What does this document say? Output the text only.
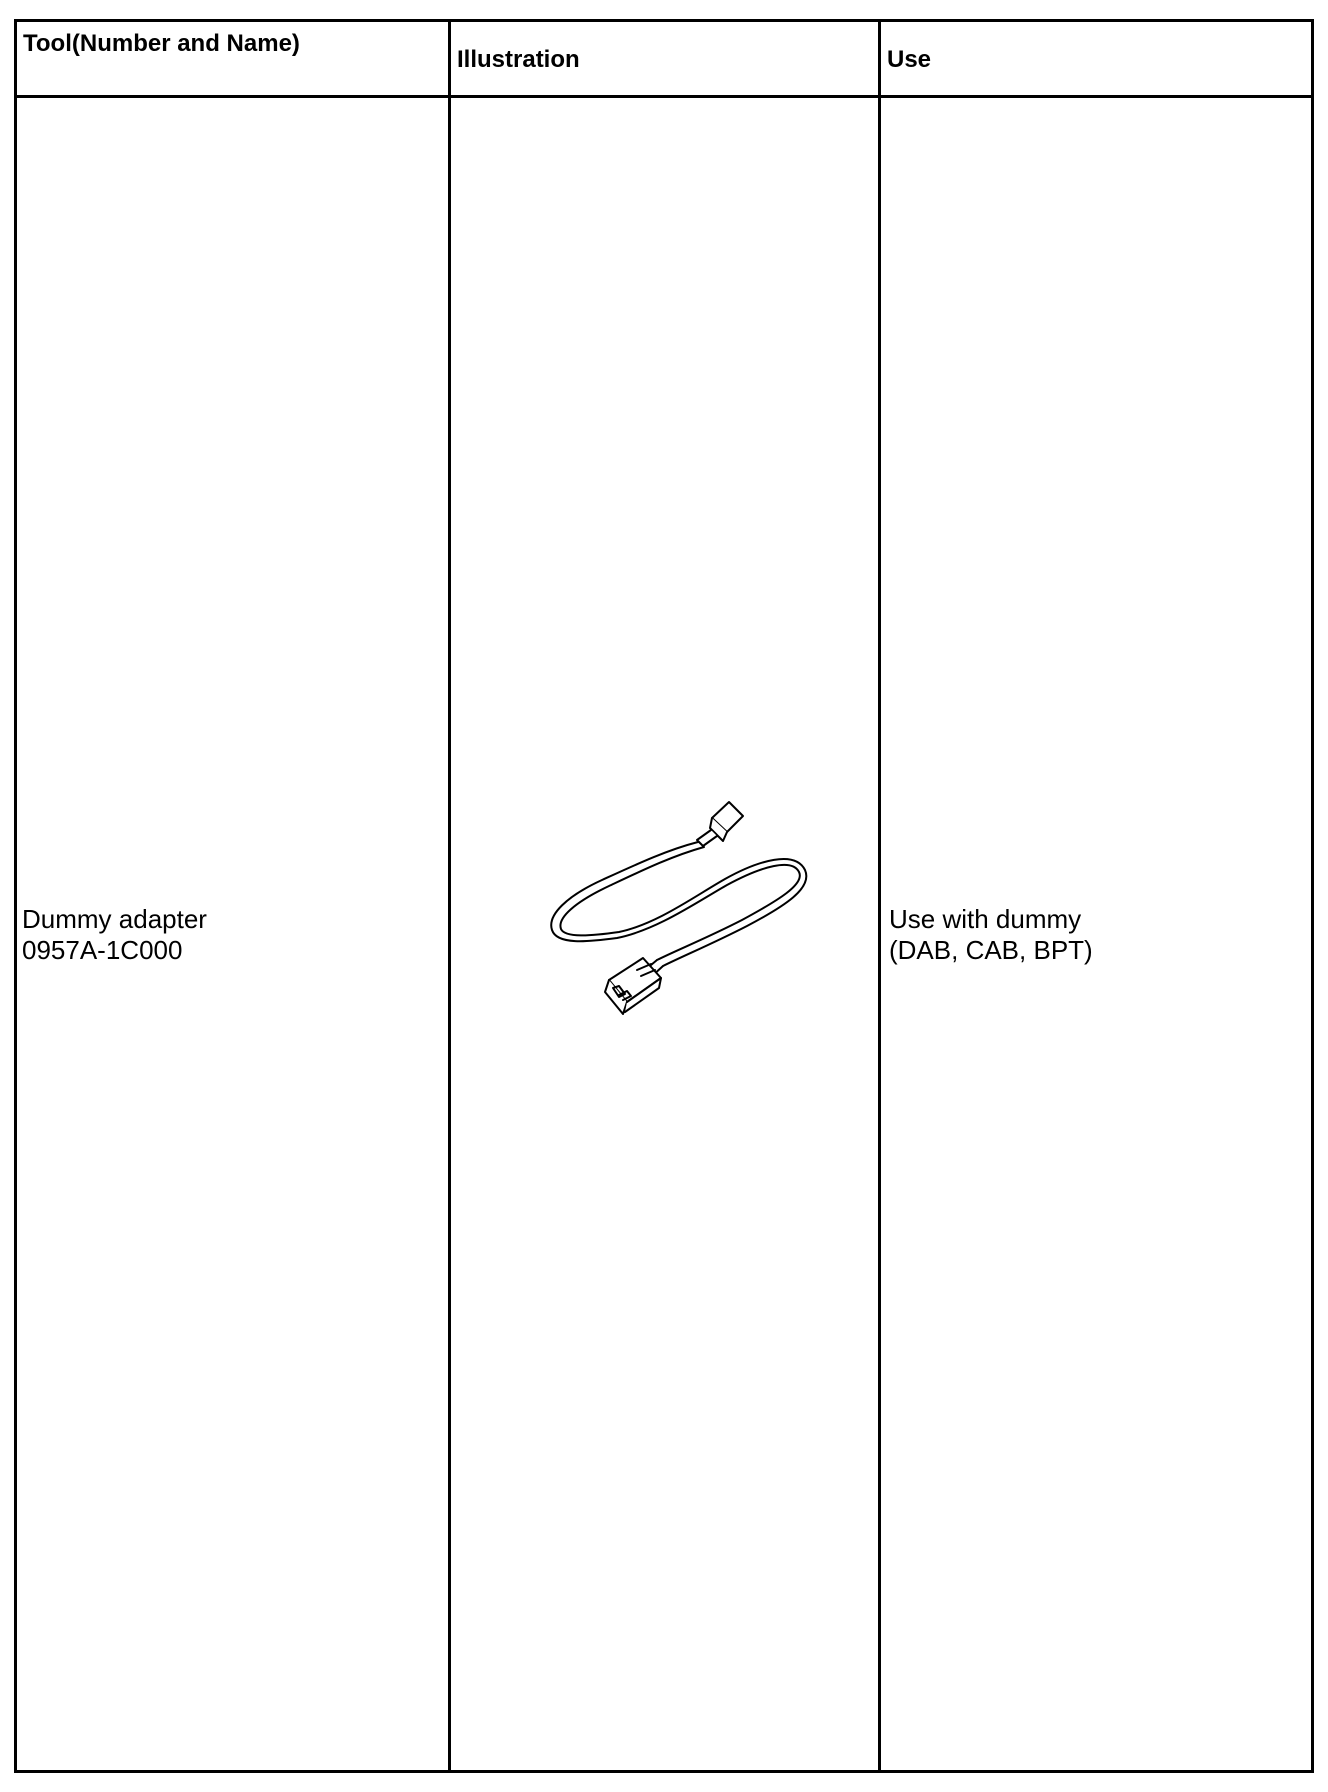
Tool(Number and Name)
Illustration	Use
Dummy adapter
0957A-1C000
Use with dummy
(DAB, CAB, BPT)
